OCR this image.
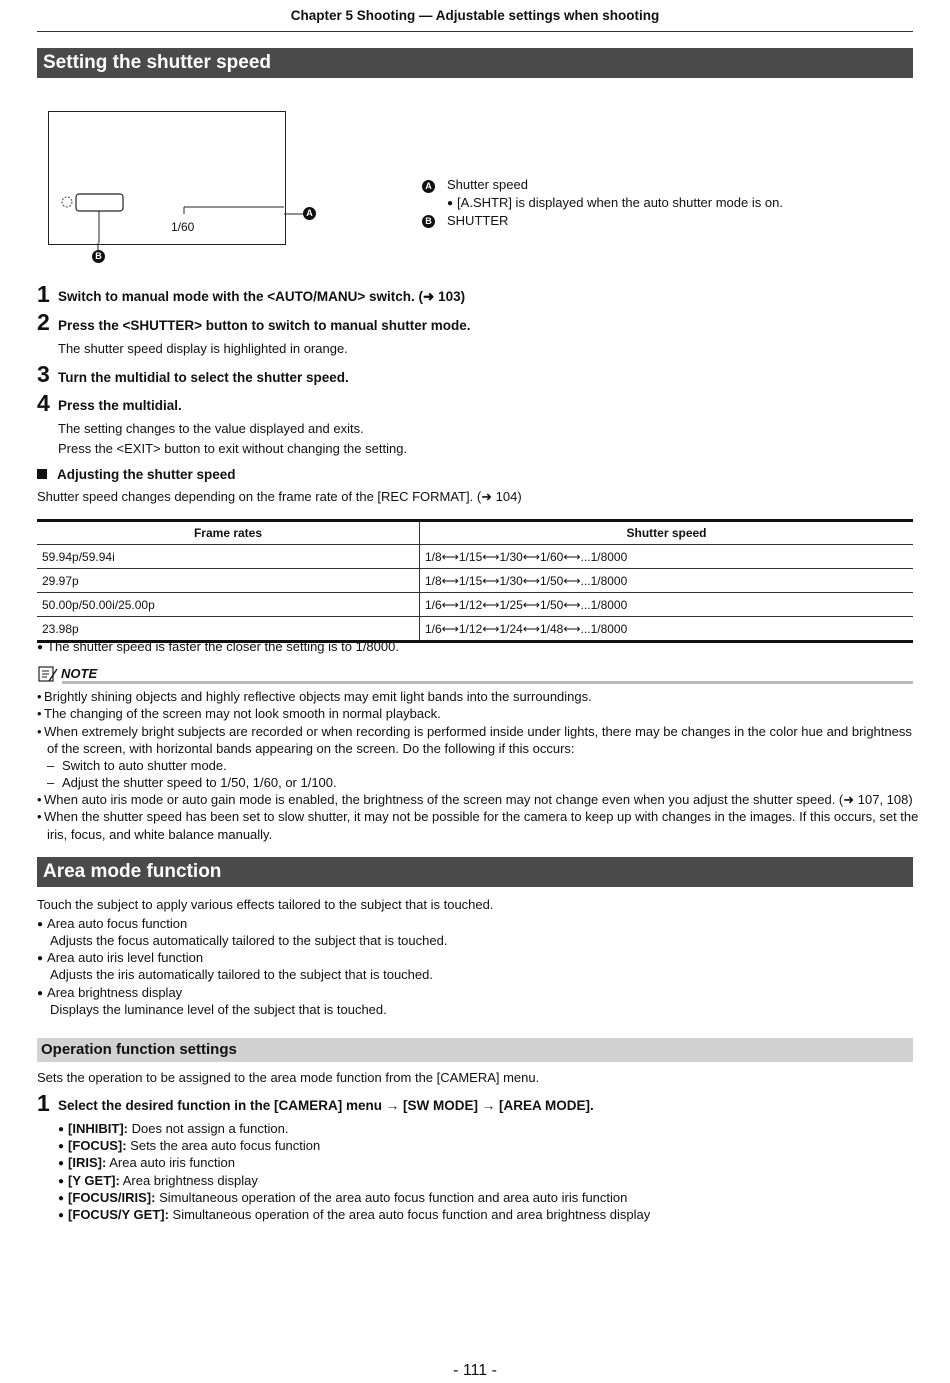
Chapter 5 Shooting — Adjustable settings when shooting
Setting the shutter speed
1/60
A
B
A Shutter speed
● [A.SHTR] is displayed when the auto shutter mode is on.
B SHUTTER
1 Switch to manual mode with the <AUTO/MANU> switch. (➜ 103)
2 Press the <SHUTTER> button to switch to manual shutter mode.
The shutter speed display is highlighted in orange.
3 Turn the multidial to select the shutter speed.
4 Press the multidial.
The setting changes to the value displayed and exits.
Press the <EXIT> button to exit without changing the setting.
Adjusting the shutter speed
Shutter speed changes depending on the frame rate of the [REC FORMAT]. (➜ 104)
Frame rates	Shutter speed
59.94p/59.94i	1/8⟷1/15⟷1/30⟷1/60⟷...1/8000
29.97p	1/8⟷1/15⟷1/30⟷1/50⟷...1/8000
50.00p/50.00i/25.00p	1/6⟷1/12⟷1/25⟷1/50⟷...1/8000
23.98p	1/6⟷1/12⟷1/24⟷1/48⟷...1/8000
● The shutter speed is faster the closer the setting is to 1/8000.
NOTE
• Brightly shining objects and highly reflective objects may emit light bands into the surroundings.
• The changing of the screen may not look smooth in normal playback.
• When extremely bright subjects are recorded or when recording is performed inside under lights, there may be changes in the color hue and brightness
of the screen, with horizontal bands appearing on the screen. Do the following if this occurs:
– Switch to auto shutter mode.
– Adjust the shutter speed to 1/50, 1/60, or 1/100.
• When auto iris mode or auto gain mode is enabled, the brightness of the screen may not change even when you adjust the shutter speed. (➜ 107, 108)
• When the shutter speed has been set to slow shutter, it may not be possible for the camera to keep up with changes in the images. If this occurs, set the
iris, focus, and white balance manually.
Area mode function
Touch the subject to apply various effects tailored to the subject that is touched.
● Area auto focus function
Adjusts the focus automatically tailored to the subject that is touched.
● Area auto iris level function
Adjusts the iris automatically tailored to the subject that is touched.
● Area brightness display
Displays the luminance level of the subject that is touched.
Operation function settings
Sets the operation to be assigned to the area mode function from the [CAMERA] menu.
1 Select the desired function in the [CAMERA] menu → [SW MODE] → [AREA MODE].
● [INHIBIT]: Does not assign a function.
● [FOCUS]: Sets the area auto focus function
● [IRIS]: Area auto iris function
● [Y GET]: Area brightness display
● [FOCUS/IRIS]: Simultaneous operation of the area auto focus function and area auto iris function
● [FOCUS/Y GET]: Simultaneous operation of the area auto focus function and area brightness display
- 111 -
